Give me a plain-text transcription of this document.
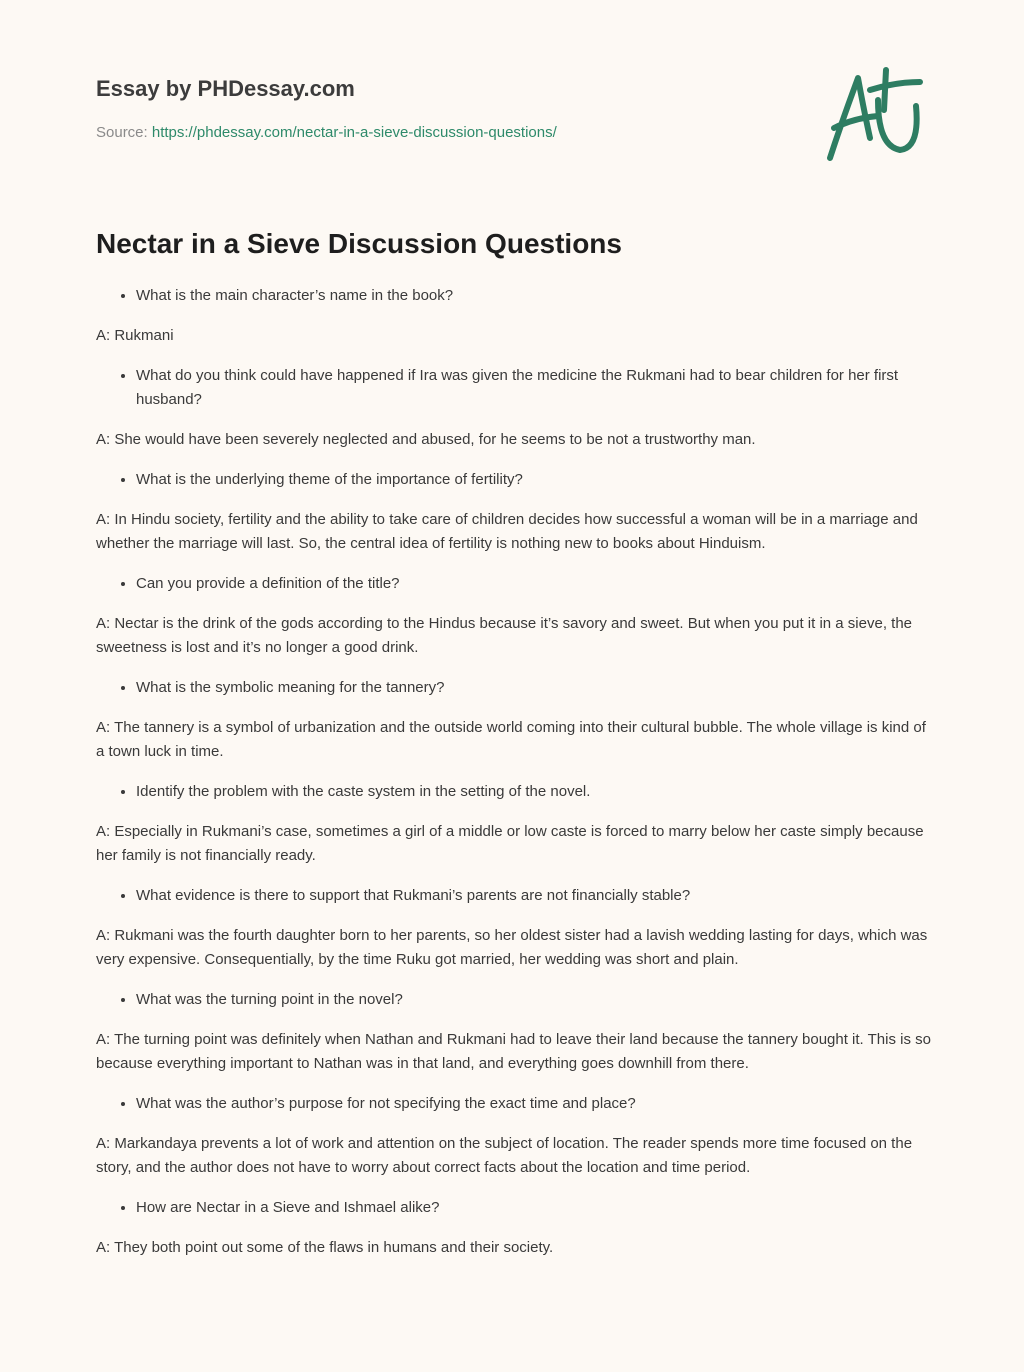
Essay by PHDessay.com
Source: https://phdessay.com/nectar-in-a-sieve-discussion-questions/
Nectar in a Sieve Discussion Questions
• What is the main character’s name in the book?

A: Rukmani

• What do you think could have happened if Ira was given the medicine the Rukmani had to bear children for her first husband?

A: She would have been severely neglected and abused, for he seems to be not a trustworthy man.

• What is the underlying theme of the importance of fertility?

A: In Hindu society, fertility and the ability to take care of children decides how successful a woman will be in a marriage and whether the marriage will last. So, the central idea of fertility is nothing new to books about Hinduism.

• Can you provide a definition of the title?

A: Nectar is the drink of the gods according to the Hindus because it’s savory and sweet. But when you put it in a sieve, the sweetness is lost and it’s no longer a good drink.

• What is the symbolic meaning for the tannery?

A: The tannery is a symbol of urbanization and the outside world coming into their cultural bubble. The whole village is kind of a town luck in time.

• Identify the problem with the caste system in the setting of the novel.

A: Especially in Rukmani’s case, sometimes a girl of a middle or low caste is forced to marry below her caste simply because her family is not financially ready.

• What evidence is there to support that Rukmani’s parents are not financially stable?

A: Rukmani was the fourth daughter born to her parents, so her oldest sister had a lavish wedding lasting for days, which was very expensive. Consequentially, by the time Ruku got married, her wedding was short and plain.

• What was the turning point in the novel?

A: The turning point was definitely when Nathan and Rukmani had to leave their land because the tannery bought it. This is so because everything important to Nathan was in that land, and everything goes downhill from there.

• What was the author’s purpose for not specifying the exact time and place?

A: Markandaya prevents a lot of work and attention on the subject of location. The reader spends more time focused on the story, and the author does not have to worry about correct facts about the location and time period.

• How are Nectar in a Sieve and Ishmael alike?

A: They both point out some of the flaws in humans and their society.
